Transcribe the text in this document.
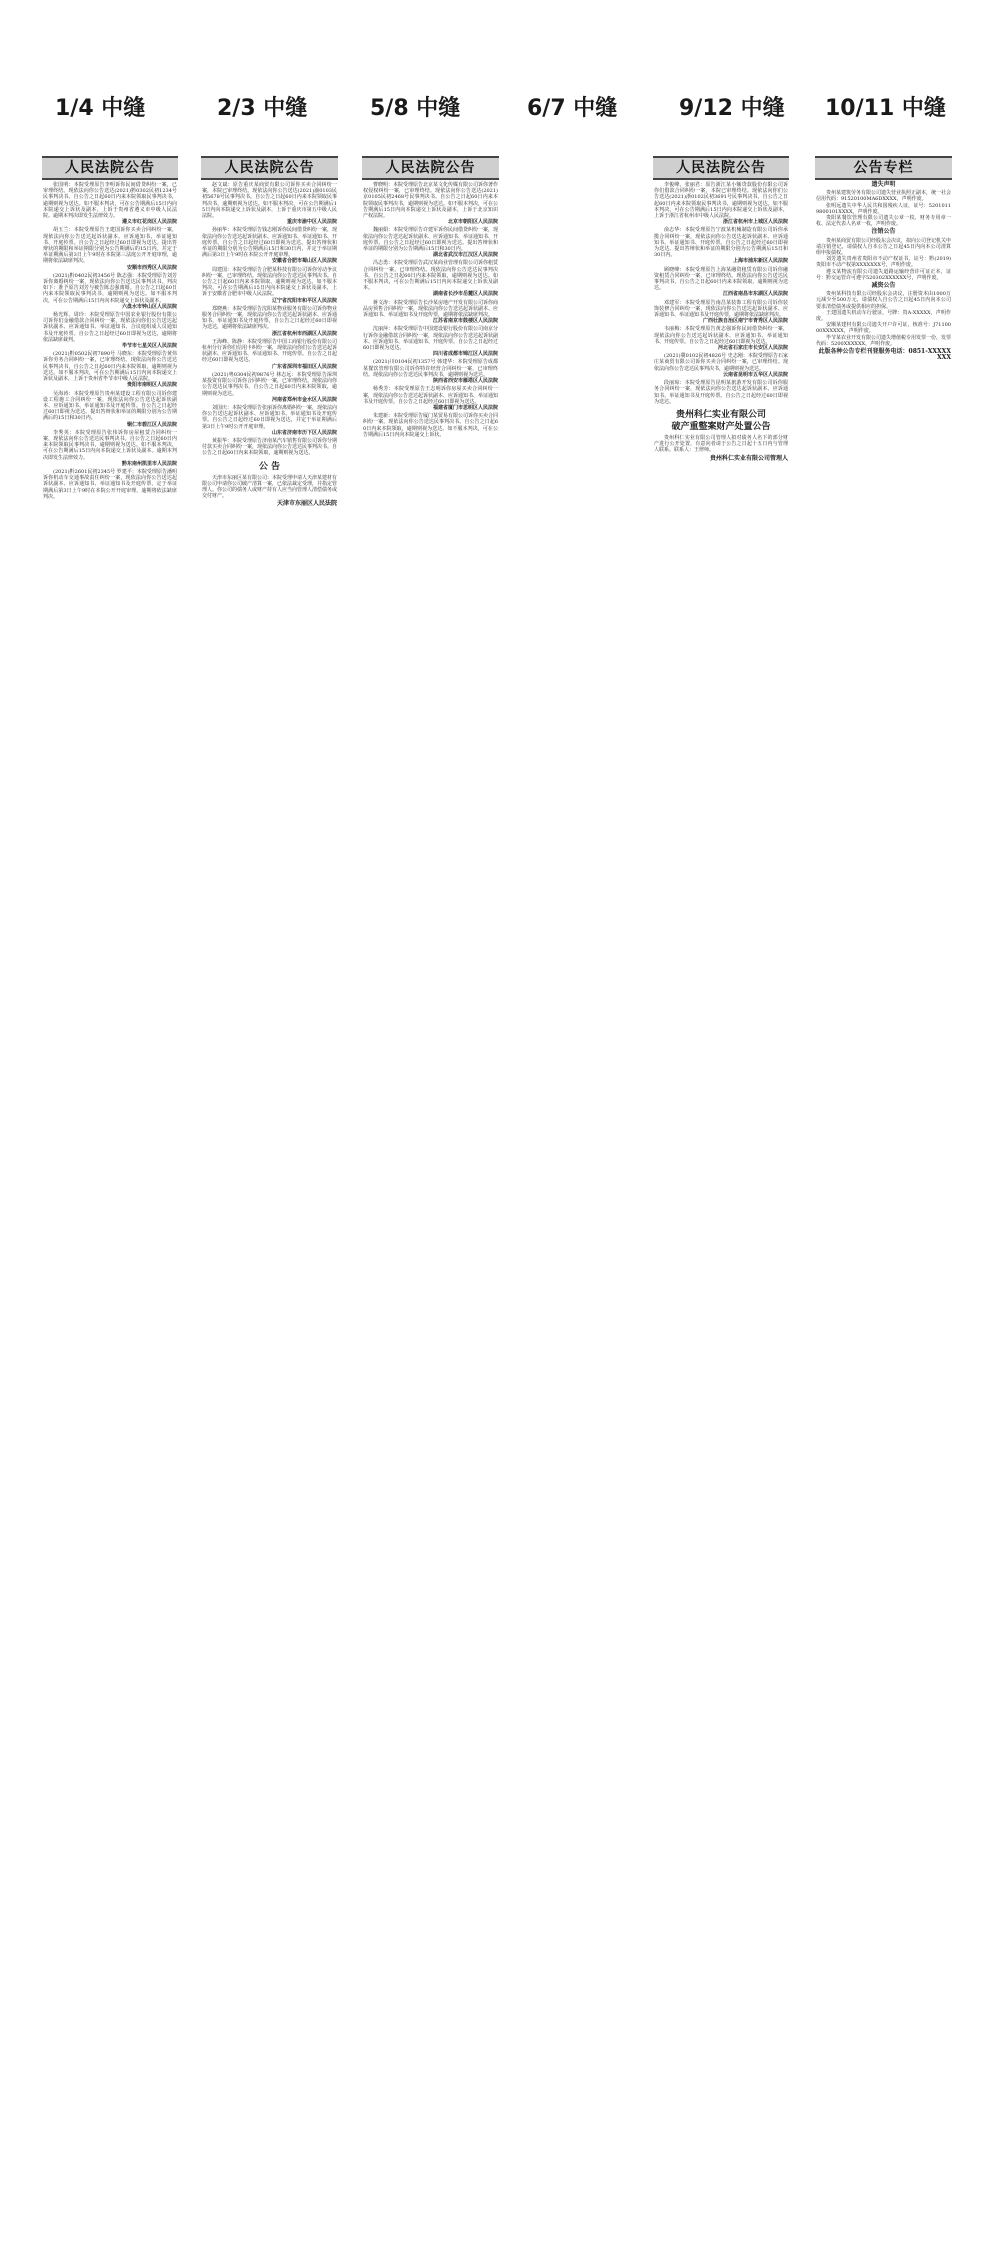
1/4 中缝	2/3 中缝	5/8 中缝	6/7 中缝	9/12 中缝 10/11 中缝
人民法院公告

张国明：本院受理原告李明诉你民间借贷纠纷一案，已审理终结。现依法向你公告送达(2021)黔0302民初1234号民事判决书。自公告之日起60日内来本院领取民事判决书，逾期则视为送达。如不服本判决，可在公告期满后15日内向本院递交上诉状及副本，上诉于贵州省遵义市中级人民法院。逾期本判决即发生法律效力。

遵义市红花岗区人民法院

胡玉兰：本院受理原告王建国诉你买卖合同纠纷一案，现依法向你公告送达起诉状副本、应诉通知书、举证通知书、开庭传票。自公告之日起经过60日即视为送达。提出答辩状的期限和举证期限分别为公告期满后的15日内。并定于举证期满后第3日上午9时在本院第三法庭公开开庭审理，逾期将依法缺席判决。

安顺市西秀区人民法院

(2021)黔0402民初3456号 陈志强：本院受理原告刘芳诉你离婚纠纷一案，现依法向你公告送达民事判决书。判决如下：准予原告刘芳与被告陈志强离婚。自公告之日起60日内来本院领取民事判决书，逾期则视为送达。如不服本判决，可在公告期满后15日内向本院递交上诉状及副本。

六盘水市钟山区人民法院

杨光辉、周玲：本院受理原告中国农业银行股份有限公司诉你们金融借款合同纠纷一案，现依法向你们公告送达起诉状副本、应诉通知书、举证通知书、合议庭组成人员通知书及开庭传票。自公告之日起经过60日即视为送达，逾期将依法缺席裁判。

毕节市七星关区人民法院

(2021)黔0502民初7890号 马晓东：本院受理原告黄伟诉你劳务合同纠纷一案，已审理终结。现依法向你公告送达民事判决书，自公告之日起60日内来本院领取，逾期则视为送达。如不服本判决，可在公告期满后15日内向本院递交上诉状及副本，上诉于贵州省毕节市中级人民法院。

贵阳市南明区人民法院

吴海涛：本院受理原告贵州某建设工程有限公司诉你建设工程施工合同纠纷一案，现依法向你公告送达起诉状副本、应诉通知书、举证通知书及开庭传票。自公告之日起经过60日即视为送达。提出答辩状和举证的期限分别为公告期满后的15日和30日内。

铜仁市碧江区人民法院

李秀英：本院受理原告张伟诉你房屋租赁合同纠纷一案，现依法向你公告送达民事判决书。自公告之日起60日内来本院领取民事判决书，逾期则视为送达。如不服本判决，可在公告期满后15日内向本院递交上诉状及副本。逾期本判决即发生法律效力。

黔东南州凯里市人民法院

(2021)黔2601民初2345号 罗建平：本院受理原告潘明诉你机动车交通事故责任纠纷一案，现依法向你公告送达起诉状副本、应诉通知书、举证通知书及开庭传票，定于举证期满后第3日上午9时在本院公开开庭审理，逾期将依法缺席判决。

人民法院公告

赵文斌：原告重庆某商贸有限公司诉你买卖合同纠纷一案，本院已审理终结。现依法向你公告送达(2021)渝0103民初5678号民事判决书。自公告之日起60日内来本院领取民事判决书，逾期则视为送达。如不服本判决，可在公告期满后15日内向本院递交上诉状及副本，上诉于重庆市第五中级人民法院。

重庆市渝中区人民法院

孙丽华：本院受理原告钱志刚诉你民间借贷纠纷一案，现依法向你公告送达起诉状副本、应诉通知书、举证通知书、开庭传票。自公告之日起经过60日即视为送达。提出答辩状和举证的期限分别为公告期满后15日和30日内，并定于举证期满后第3日上午9时在本院公开开庭审理。

安徽省合肥市蜀山区人民法院

周建国：本院受理原告合肥某科技有限公司诉你劳动争议纠纷一案，已审理终结。现依法向你公告送达民事判决书。自公告之日起60日内来本院领取，逾期则视为送达。如不服本判决，可在公告期满后15日内向本院递交上诉状及副本，上诉于安徽省合肥市中级人民法院。

辽宁省沈阳市和平区人民法院

郑晓燕：本院受理原告沈阳某物业服务有限公司诉你物业服务合同纠纷一案，现依法向你公告送达起诉状副本、应诉通知书、举证通知书及开庭传票，自公告之日起经过60日即视为送达，逾期将依法缺席判决。

浙江省杭州市西湖区人民法院

王海峰、陈静：本院受理原告中国工商银行股份有限公司杭州分行诉你们信用卡纠纷一案，现依法向你们公告送达起诉状副本、应诉通知书、举证通知书、开庭传票。自公告之日起经过60日即视为送达。

广东省深圳市福田区人民法院

(2021)粤0304民初9876号 林志远：本院受理原告深圳某投资有限公司诉你合同纠纷一案，已审理终结。现依法向你公告送达民事判决书，自公告之日起60日内来本院领取，逾期则视为送达。

河南省郑州市金水区人民法院

刘国庆：本院受理原告张丽诉你离婚纠纷一案，现依法向你公告送达起诉状副本、应诉通知书、举证通知书及开庭传票。自公告之日起经过60日即视为送达，并定于举证期满后第3日上午9时公开开庭审理。

山东省济南市历下区人民法院

黄振华：本院受理原告济南某汽车销售有限公司诉你分期付款买卖合同纠纷一案，现依法向你公告送达民事判决书。自公告之日起60日内来本院领取，逾期则视为送达。

公 告

天津市东丽区某有限公司：本院受理申请人天津某建材有限公司申请你公司破产清算一案，已依法裁定受理，并指定管理人。你公司的债务人或财产持有人应当向管理人清偿债务或交付财产。

天津市东丽区人民法院
人民法院公告

曹晓明：本院受理原告北京某文化传媒有限公司诉你著作权侵权纠纷一案，已审理终结。现依法向你公告送达(2021)京0105民初2468号民事判决书。自公告之日起60日内来本院领取民事判决书，逾期则视为送达。如不服本判决，可在公告期满后15日内向本院递交上诉状及副本，上诉于北京知识产权法院。

北京市朝阳区人民法院

魏丽娟：本院受理原告许建军诉你民间借贷纠纷一案，现依法向你公告送达起诉状副本、应诉通知书、举证通知书、开庭传票。自公告之日起经过60日即视为送达。提出答辩状和举证的期限分别为公告期满后15日和30日内。

湖北省武汉市江汉区人民法院

冯志勇：本院受理原告武汉某商业管理有限公司诉你租赁合同纠纷一案，已审理终结。现依法向你公告送达民事判决书，自公告之日起60日内来本院领取，逾期则视为送达。如不服本判决，可在公告期满后15日内向本院递交上诉状及副本。

湖南省长沙市岳麓区人民法院

蒋文涛：本院受理原告长沙某房地产开发有限公司诉你商品房预售合同纠纷一案，现依法向你公告送达起诉状副本、应诉通知书、举证通知书及开庭传票，逾期将依法缺席判决。

江苏省南京市鼓楼区人民法院

沈丽萍：本院受理原告中国建设银行股份有限公司南京分行诉你金融借款合同纠纷一案，现依法向你公告送达起诉状副本、应诉通知书、举证通知书、开庭传票。自公告之日起经过60日即视为送达。

四川省成都市锦江区人民法院

(2021)川0104民初1357号 韩建华：本院受理原告成都某餐饮管理有限公司诉你特许经营合同纠纷一案，已审理终结。现依法向你公告送达民事判决书，逾期则视为送达。

陕西省西安市雁塔区人民法院

杨秀芳：本院受理原告王志明诉你房屋买卖合同纠纷一案，现依法向你公告送达起诉状副本、应诉通知书、举证通知书及开庭传票。自公告之日起经过60日即视为送达。

福建省厦门市思明区人民法院

朱建新：本院受理原告厦门某贸易有限公司诉你买卖合同纠纷一案，现依法向你公告送达民事判决书。自公告之日起60日内来本院领取，逾期则视为送达。如不服本判决，可在公告期满后15日内向本院递交上诉状。

人民法院公告

李俊峰、张丽君：原告浙江某小额贷款股份有限公司诉你们借款合同纠纷一案，本院已审理终结。现依法向你们公告送达(2021)浙0102民初3691号民事判决书。自公告之日起60日内来本院领取民事判决书，逾期则视为送达。如不服本判决，可在公告期满后15日内向本院递交上诉状及副本，上诉于浙江省杭州市中级人民法院。

浙江省杭州市上城区人民法院

俞志华：本院受理原告宁波某机械制造有限公司诉你承揽合同纠纷一案，现依法向你公告送达起诉状副本、应诉通知书、举证通知书、开庭传票。自公告之日起经过60日即视为送达。提出答辩状和举证的期限分别为公告期满后15日和30日内。

上海市浦东新区人民法院

顾晓峰：本院受理原告上海某融资租赁有限公司诉你融资租赁合同纠纷一案，已审理终结。现依法向你公告送达民事判决书，自公告之日起60日内来本院领取，逾期则视为送达。

江西省南昌市东湖区人民法院

邓建军：本院受理原告南昌某装饰工程有限公司诉你装饰装修合同纠纷一案，现依法向你公告送达起诉状副本、应诉通知书、举证通知书及开庭传票，逾期将依法缺席判决。

广西壮族自治区南宁市青秀区人民法院

韦丽梅：本院受理原告黄志强诉你民间借贷纠纷一案，现依法向你公告送达起诉状副本、应诉通知书、举证通知书、开庭传票。自公告之日起经过60日即视为送达。

河北省石家庄市长安区人民法院

(2021)冀0102民初4826号 史志刚：本院受理原告石家庄某商贸有限公司诉你买卖合同纠纷一案，已审理终结。现依法向你公告送达民事判决书，逾期则视为送达。

云南省昆明市五华区人民法院

段丽琼：本院受理原告昆明某旅游开发有限公司诉你服务合同纠纷一案，现依法向你公告送达起诉状副本、应诉通知书、举证通知书及开庭传票。自公告之日起经过60日即视为送达。

贵州科仁实业有限公司
破产重整案财产处置公告

贵州科仁实业有限公司管理人拟对债务人名下的部分财产进行公开处置，有意向者请于公告之日起十五日内与管理人联系。联系人：王律师。

贵州科仁实业有限公司管理人
公告专栏
遗失声明

贵州某建筑劳务有限公司遗失营业执照正副本，统一社会信用代码：91520100MA6DXXXX，声明作废。

张明远遗失中华人民共和国残疾人证，证号：52010119800101XXXX，声明作废。

贵阳某餐饮管理有限公司遗失公章一枚、财务专用章一枚、法定代表人名章一枚，声明作废。

注销公告

贵州某商贸有限公司经股东会决议，拟向公司登记机关申请注销登记，请债权人自本公告之日起45日内向本公司清算组申报债权。

刘芳遗失贵州省贵阳市不动产权证书，证号：黔(2019)贵阳市不动产权第XXXXXXX号，声明作废。

遵义某物流有限公司遗失道路运输经营许可证正本，证号：黔交运管许可遵字520302XXXXXX号，声明作废。

减资公告

贵州某科技有限公司经股东会决议，注册资本由1000万元减少至500万元，请债权人自公告之日起45日内向本公司要求清偿债务或提供相应的担保。

王建国遗失机动车行驶证，号牌：贵A·XXXXX，声明作废。

安顺某建材有限公司遗失开户许可证，核准号：J7110000XXXXXX，声明作废。

毕节某农业开发有限公司遗失增值税专用发票一份，发票代码：5200XXXXXX，声明作废。

此版各种公告专栏刊登服务电话：0851-XXXXXXXX
